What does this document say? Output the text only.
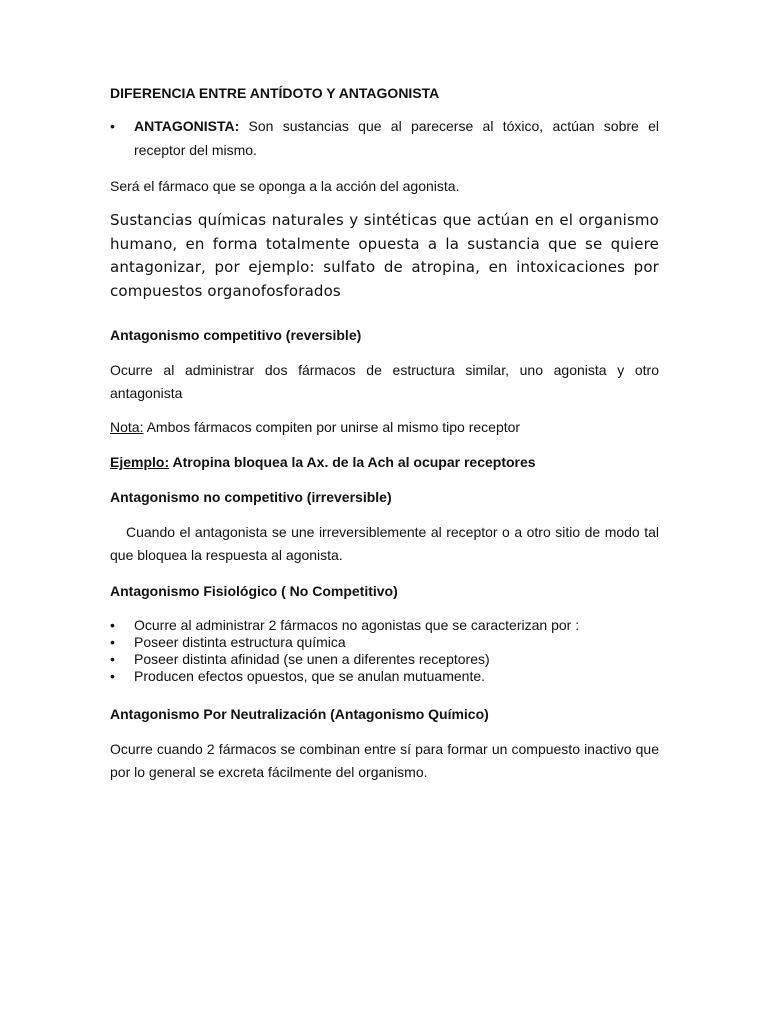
DIFERENCIA ENTRE ANTÍDOTO Y ANTAGONISTA

• ANTAGONISTA: Son sustancias que al parecerse al tóxico, actúan sobre el receptor del mismo.

Será el fármaco que se oponga a la acción del agonista.

Sustancias químicas naturales y sintéticas que actúan en el organismo humano, en forma totalmente opuesta a la sustancia que se quiere antagonizar, por ejemplo: sulfato de atropina, en intoxicaciones por compuestos organofosforados

Antagonismo competitivo (reversible)

Ocurre al administrar dos fármacos de estructura similar, uno agonista y otro antagonista

Nota: Ambos fármacos compiten por unirse al mismo tipo receptor

Ejemplo: Atropina bloquea la Ax. de la Ach al ocupar receptores

Antagonismo no competitivo (irreversible)

Cuando el antagonista se une irreversiblemente al receptor o a otro sitio de modo tal que bloquea la respuesta al agonista.

Antagonismo Fisiológico ( No Competitivo)

• Ocurre al administrar 2 fármacos no agonistas que se caracterizan por :
• Poseer distinta estructura química
• Poseer distinta afinidad (se unen a diferentes receptores)
• Producen efectos opuestos, que se anulan mutuamente.

Antagonismo Por Neutralización (Antagonismo Químico)

Ocurre cuando 2 fármacos se combinan entre sí para formar un compuesto inactivo que por lo general se excreta fácilmente del organismo.
